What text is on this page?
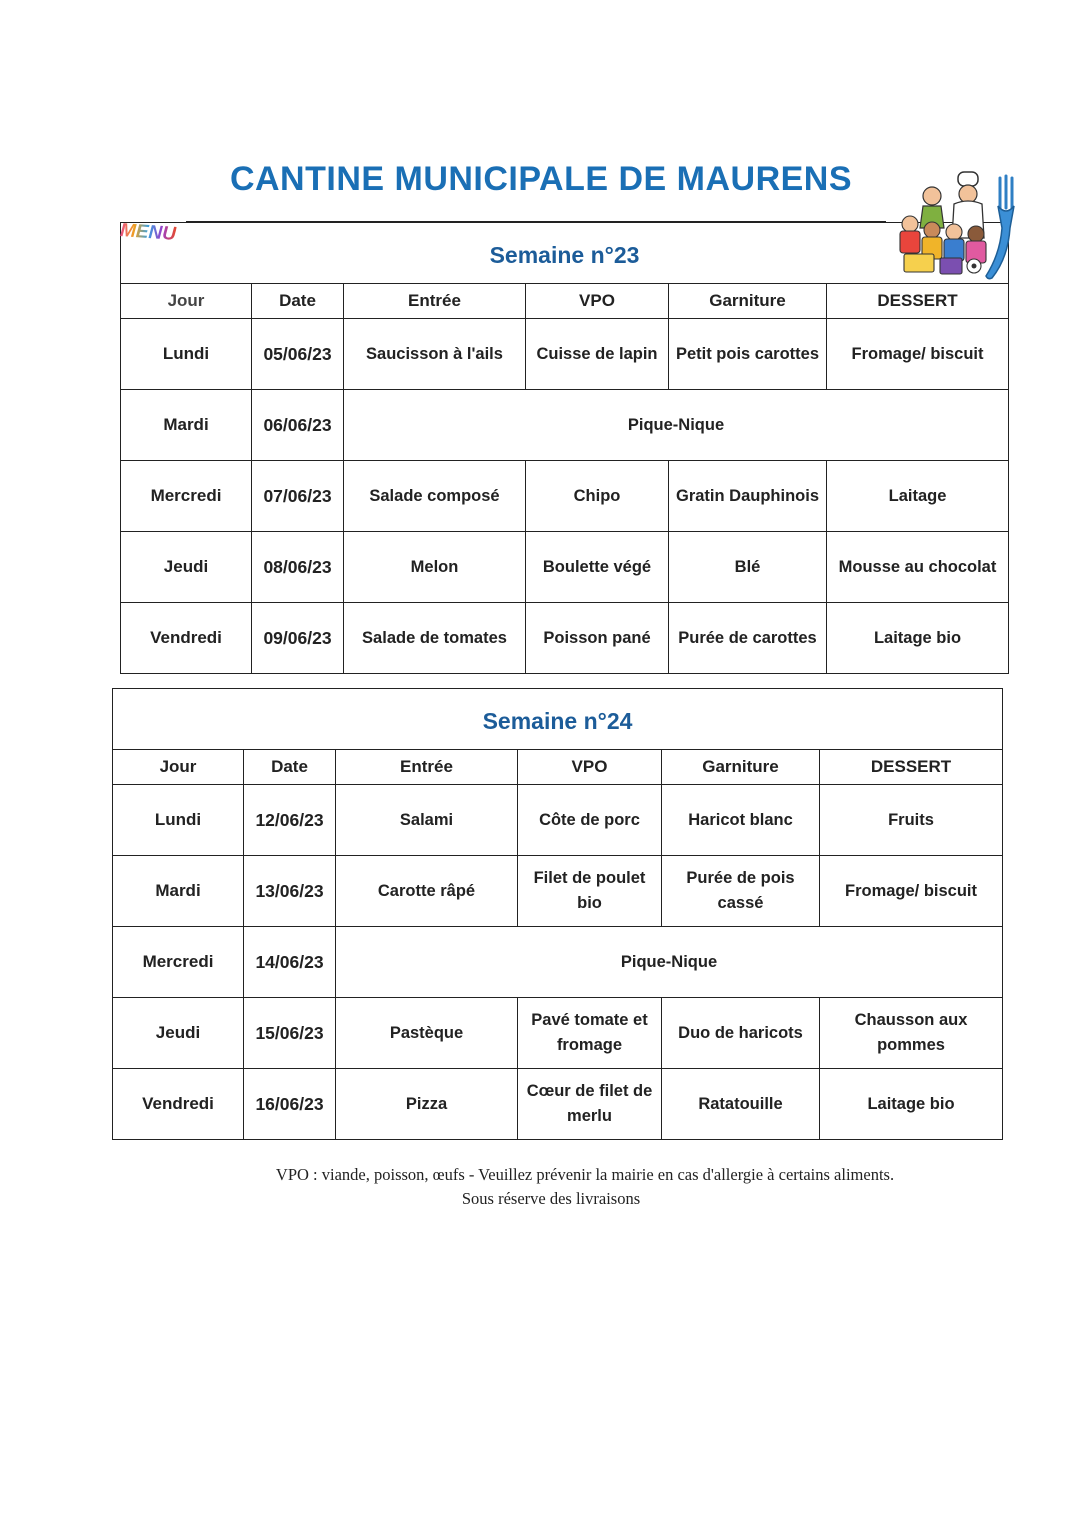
CANTINE MUNICIPALE DE MAURENS
Semaine n°23					
Jour	Date	Entrée	VPO	Garniture	DESSERT
Lundi	05/06/23	Saucisson à l'ails	Cuisse de lapin	Petit pois carottes	Fromage/ biscuit
Mardi	06/06/23	Pique-Nique			
Mercredi	07/06/23	Salade composé	Chipo	Gratin Dauphinois	Laitage
Jeudi	08/06/23	Melon	Boulette végé	Blé	Mousse au chocolat
Vendredi	09/06/23	Salade de tomates	Poisson pané	Purée de carottes	Laitage bio
MENU
Semaine n°24					
Jour	Date	Entrée	VPO	Garniture	DESSERT
Lundi	12/06/23	Salami	Côte de porc	Haricot blanc	Fruits
Mardi	13/06/23	Carotte râpé	Filet de poulet bio	Purée de pois cassé	Fromage/ biscuit
Mercredi	14/06/23	Pique-Nique			
Jeudi	15/06/23	Pastèque	Pavé tomate et fromage	Duo de haricots	Chausson aux pommes
Vendredi	16/06/23	Pizza	Cœur de filet de merlu	Ratatouille	Laitage bio
VPO : viande, poisson, œufs - Veuillez prévenir la mairie en cas d'allergie à certains aliments.
Sous réserve des livraisons
